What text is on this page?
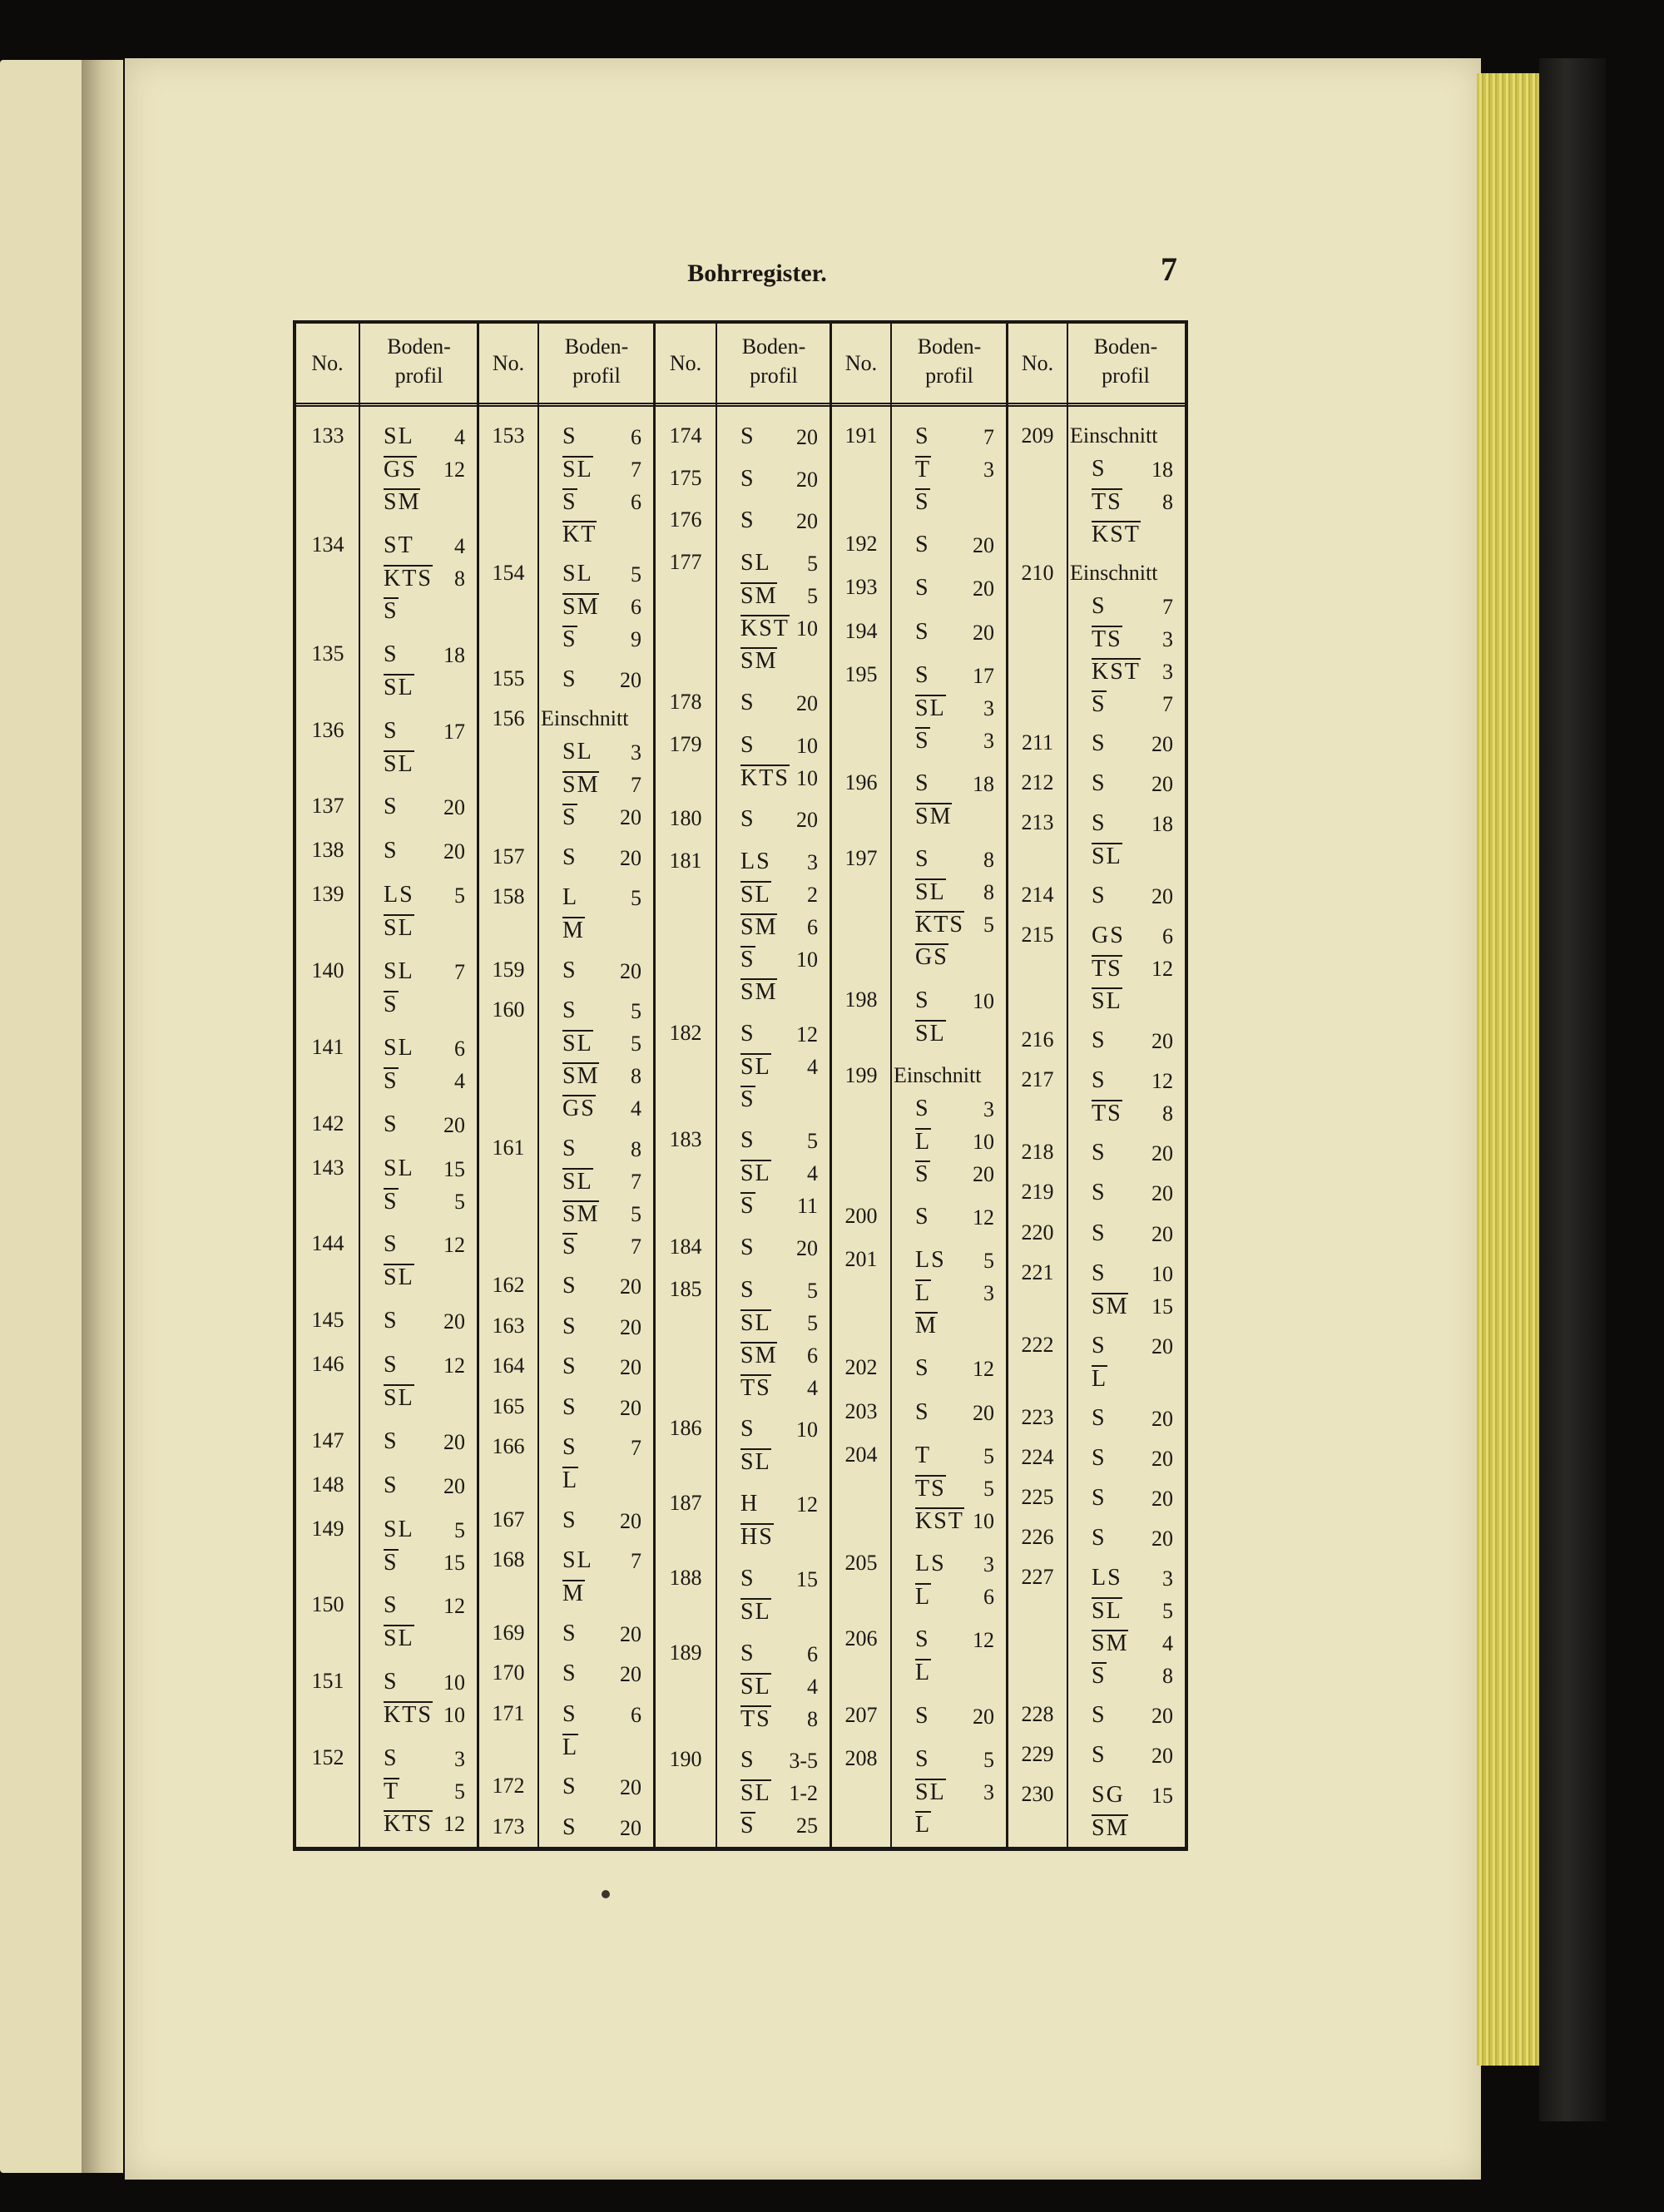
Bohrregister.	7
No.
Boden-
profil
133	SL 4
GS 12
SM
134	ST 4
KTS 8
S
135	S 18
SL
136	S 17
SL
137	S 20
138	S 20
139	LS 5
SL
140	SL 7
S
141	SL 6
S	4
142	S 20
143	SL 15
S	5
144	S 12
SL
145	S 20
146	S 12
SL
147	S 20
148	S 20
149	SL 5
S 15
150	S 12
SL
151	S 10
KTS 10
152	S	3
T	5
KTS 12
No.
Boden-
profil
153	S 6
SL 7
S 6
KT
154	SL 5
SM 6
S 9
155	S 20
156 Einschnitt
SL 3
SM 7
S 20
157	S 20
158	L 5
M
159	S 20
160	S 5
SL 5
SM 8
GS 4
161	S 8
SL 7
SM 5
S 7
162	S 20
163	S 20
164	S 20
165	S 20
166	S 7
L
167	S 20
168	SL 7
M
169	S 20
170	S 20
171	S 6
L
172	S 20
173	S 20
No.
Boden-
profil
174	S 20
175	S 20
176	S 20
177	SL 5
SM 5
KST 10
SM
178	S 20
179	S 10
KTS 10
180	S 20
181	LS 3
SL 2
SM 6
S 10
SM
182	S 12
SL 4
S
183	S 5
SL 4
S 11
184	S 20
185	S 5
SL 5
SM 6
TS 4
186	S 10
SL
187	H 12
HS
188	S 15
SL
189	S 6
SL 4
TS 8
190	S 3-5
SL 1-2
S 25
No.
Boden-
profil
191	S 7
T 3
S
192	S 20
193	S 20
194	S 20
195	S 17
SL 3
S 3
196	S 18
SM
197	S 8
SL 8
KTS 5
GS
198	S 10
SL
199 Einschnitt
S 3
L 10
S 20
200	S 12
201	LS 5
L 3
M
202	S 12
203	S 20
204	T 5
TS 5
KST 10
205	LS 3
L 6
206	S 12
L
207	S 20
208	S 5
SL 3
L
No.
Boden-
profil
209 Einschnitt
S 18
TS 8
KST
210 Einschnitt
S	7
TS 3
KST 3
S	7
211	S 20
212	S 20
213	S 18
SL
214	S 20
215	GS 6
TS 12
SL
216	S 20
217	S 12
TS 8
218	S 20
219	S 20
220	S 20
221	S 10
SM 15
222	S 20
L
223	S 20
224	S 20
225	S 20
226	S 20
227	LS 3
SL 5
SM 4
S	8
228	S 20
229	S 20
230	SG 15
SM
